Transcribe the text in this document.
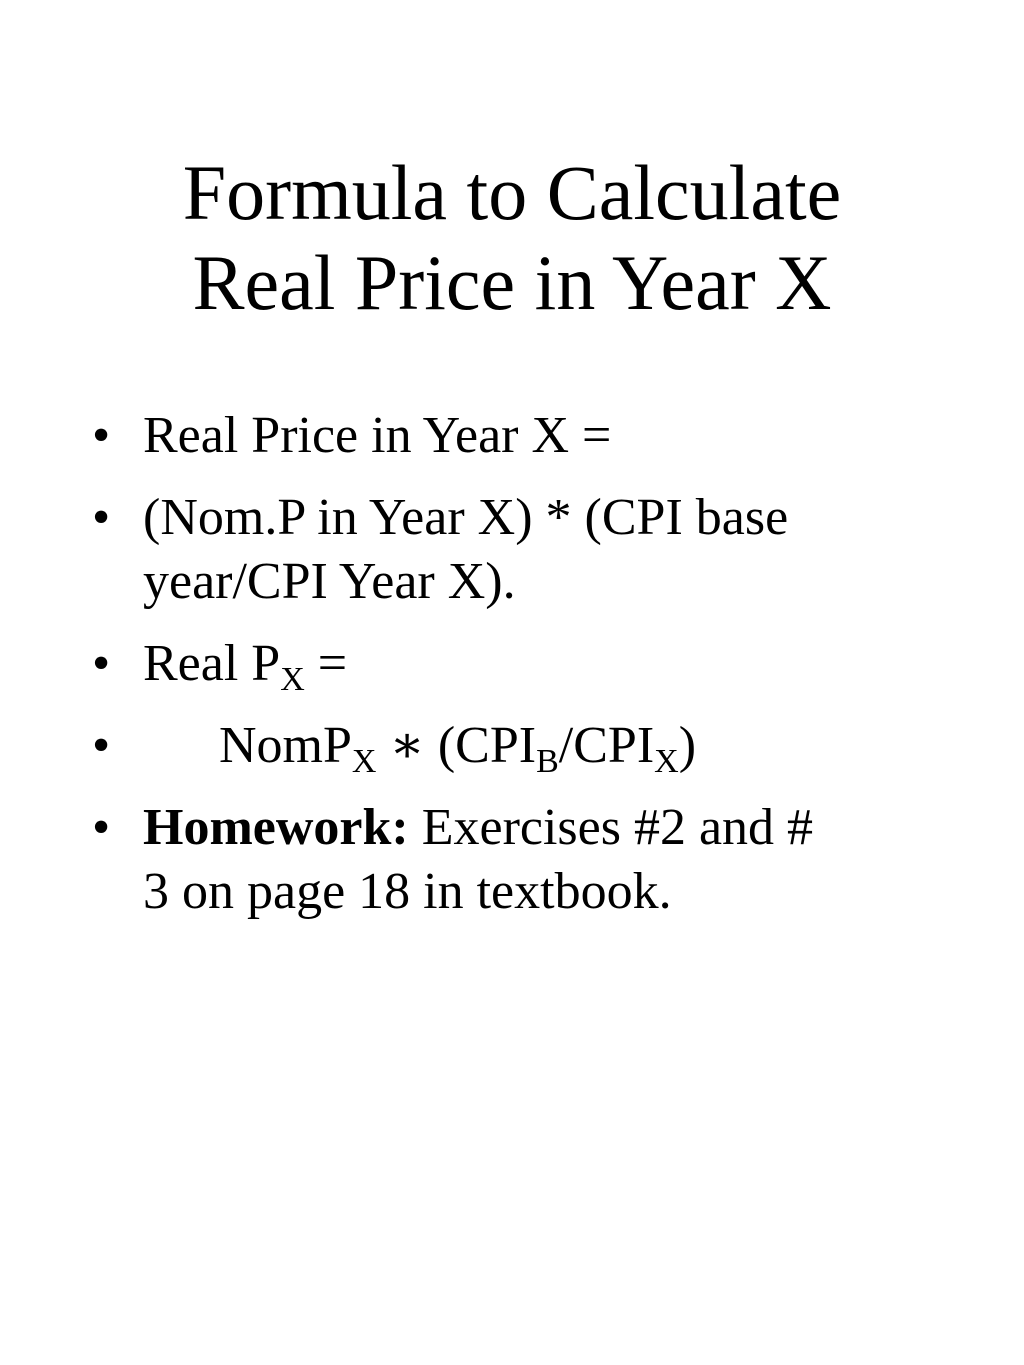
Formula to Calculate
Real Price in Year X
• Real Price in Year X =
• (Nom.P in Year X) * (CPI base
year/CPI Year X).
• Real $P_X$ =
• NomP$_X$ ∗ $(CPI_B/CPI_X)$
• Homework: Exercises #2 and #
3 on page 18 in textbook.
